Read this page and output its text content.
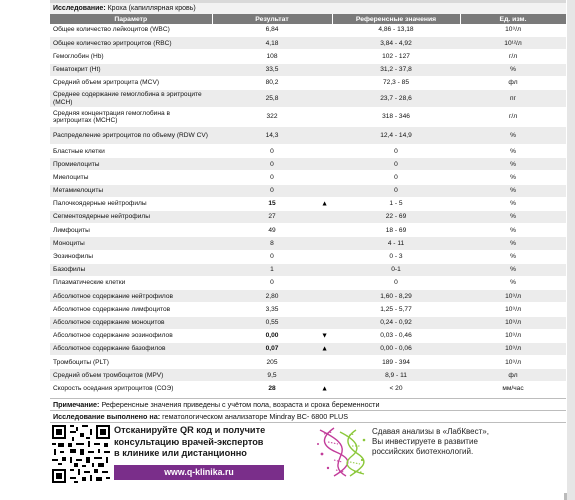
Исследование: Кроха (капиллярная кровь)
Параметр	Результат	Референсные значения	Ед. изм.
Общее количество лейкоцитов (WBC)	6,84	4,86 - 13,18	10⁹/л
Общее количество эритроцитов (RBC)	4,18	3,84 - 4,92	10¹²/л
Гемоглобин (Hb)	108	102 - 127	г/л
Гематокрит (Ht)	33,5	31,2 - 37,8	%
Средний объем эритроцита (MCV)	80,2	72,3 - 85	фл
Среднее содержание гемоглобина в эритроците (MCH)	25,8	23,7 - 28,6	пг
Средняя концентрация гемоглобина в эритроцитах (MCHC)	322	318 - 346	г/л
Распределение эритроцитов по объему (RDW CV)	14,3	12,4 - 14,9	%
Бластные клетки	0	0	%
Промиелоциты	0	0	%
Миелоциты	0	0	%
Метамиелоциты	0	0	%
Палочкоядерные нейтрофилы	15 ▲	1 - 5	%
Сегментоядерные нейтрофилы	27	22 - 69	%
Лимфоциты	49	18 - 69	%
Моноциты	8	4 - 11	%
Эозинофилы	0	0 - 3	%
Базофилы	1	0-1	%
Плазматические клетки	0	0	%
Абсолютное содержание нейтрофилов	2,80	1,60 - 8,29	10⁹/л
Абсолютное содержание лимфоцитов	3,35	1,25 - 5,77	10⁹/л
Абсолютное содержание моноцитов	0,55	0,24 - 0,92	10⁹/л
Абсолютное содержание эозинофилов	0,00 ▼	0,03 - 0,46	10⁹/л
Абсолютное содержание базофилов	0,07 ▲	0,00 - 0,06	10⁹/л
Тромбоциты (PLT)	205	189 - 394	10⁹/л
Средний объем тромбоцитов (MPV)	9,5	8,9 - 11	фл
Скорость оседания эритроцитов (СОЭ)	28 ▲	< 20	мм/час
Примечание: Референсные значения приведены с учётом пола, возраста и срока беременности
Исследование выполнено на: гематологическом анализаторе Mindray BC- 6800 PLUS
Отсканируйте QR код и получите
консультацию врачей-экспертов
в клинике или дистанционно
www.q-klinika.ru
Сдавая анализы в «ЛабКвест»,
Вы инвестируете в развитие
российских биотехнологий.
